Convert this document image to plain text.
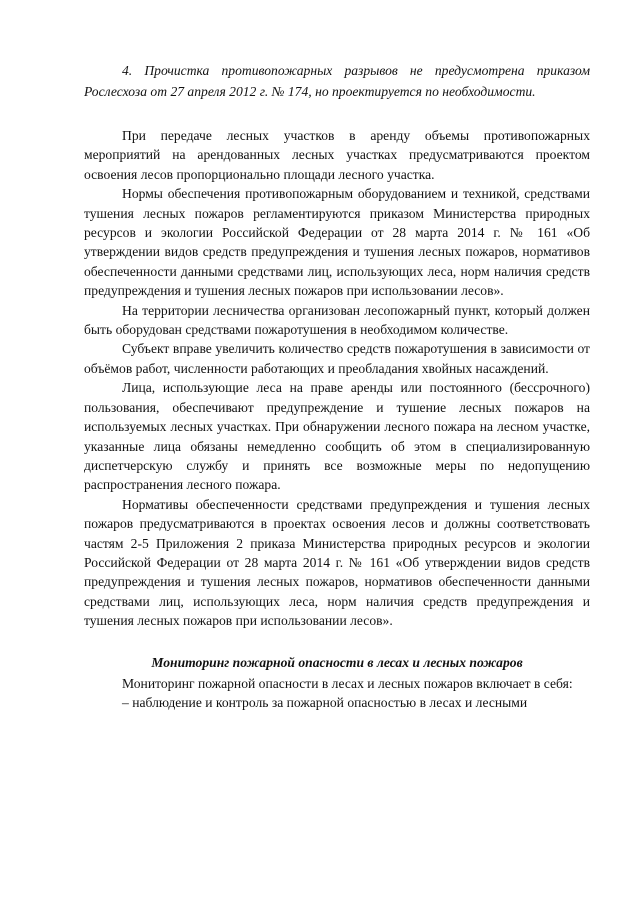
4. Прочистка противопожарных разрывов не предусмотрена приказом Рослесхоза от 27 апреля 2012 г. № 174, но проектируется по необходимости.

При передаче лесных участков в аренду объемы противопожарных мероприятий на арендованных лесных участках предусматриваются проектом освоения лесов пропорционально площади лесного участка.

Нормы обеспечения противопожарным оборудованием и техникой, средствами тушения лесных пожаров регламентируются приказом Министерства природных ресурсов и экологии Российской Федерации от 28 марта 2014 г. № 161 «Об утверждении видов средств предупреждения и тушения лесных пожаров, нормативов обеспеченности данными средствами лиц, использующих леса, норм наличия средств предупреждения и тушения лесных пожаров при использовании лесов».

На территории лесничества организован лесопожарный пункт, который должен быть оборудован средствами пожаротушения в необходимом количестве.

Субъект вправе увеличить количество средств пожаротушения в зависимости от объёмов работ, численности работающих и преобладания хвойных насаждений.

Лица, использующие леса на праве аренды или постоянного (бессрочного) пользования, обеспечивают предупреждение и тушение лесных пожаров на используемых лесных участках. При обнаружении лесного пожара на лесном участке, указанные лица обязаны немедленно сообщить об этом в специализированную диспетчерскую службу и принять все возможные меры по недопущению распространения лесного пожара.

Нормативы обеспеченности средствами предупреждения и тушения лесных пожаров предусматриваются в проектах освоения лесов и должны соответствовать частям 2-5 Приложения 2 приказа Министерства природных ресурсов и экологии Российской Федерации от 28 марта 2014 г. № 161 «Об утверждении видов средств предупреждения и тушения лесных пожаров, нормативов обеспеченности данными средствами лиц, использующих леса, норм наличия средств предупреждения и тушения лесных пожаров при использовании лесов».

Мониторинг пожарной опасности в лесах и лесных пожаров

Мониторинг пожарной опасности в лесах и лесных пожаров включает в себя:

– наблюдение и контроль за пожарной опасностью в лесах и лесными
